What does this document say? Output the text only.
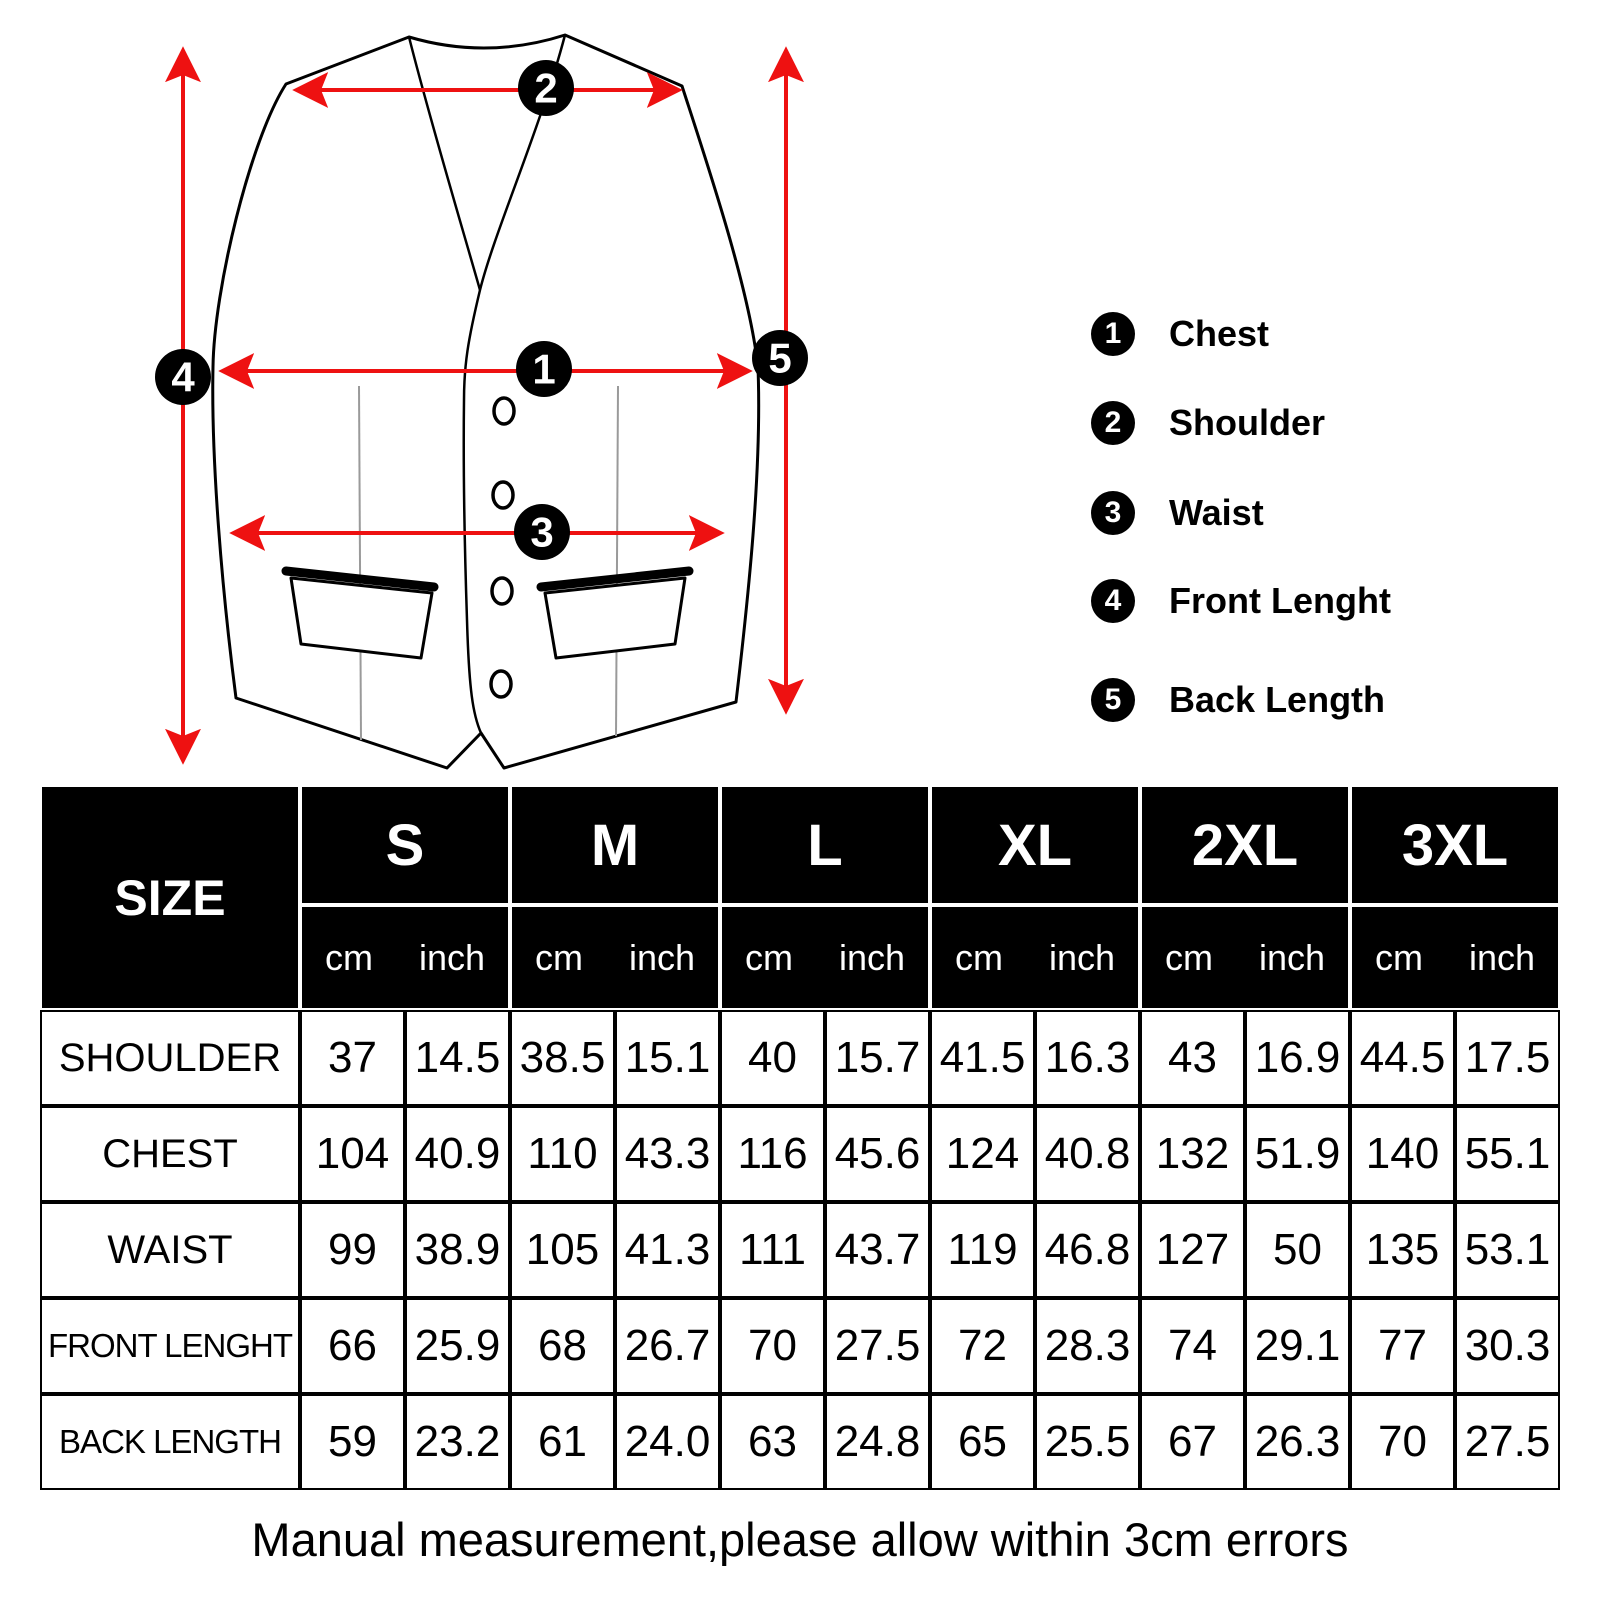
1
2
3
4	5
1	Chest
2	Shoulder
3	Waist
4	Front Lenght
5	Back Length
SIZE	S		M		L		XL		2XL		3XL	

	cm inch		cm inch		cm inch		cm inch		cm inch		cm inch	

SHOULDER	37	14.5	38.5	15.1	40	15.7	41.5	16.3	43	16.9	44.5	17.5
CHEST	104	40.9	110	43.3	116	45.6	124	40.8	132	51.9	140	55.1
WAIST	99	38.9	105	41.3	111	43.7	119	46.8	127	50	135	53.1
FRONT LENGHT	66	25.9	68	26.7	70	27.5	72	28.3	74	29.1	77	30.3
BACK LENGTH	59	23.2	61	24.0	63	24.8	65	25.5	67	26.3	70	27.5
Manual measurement,please allow within 3cm errors
